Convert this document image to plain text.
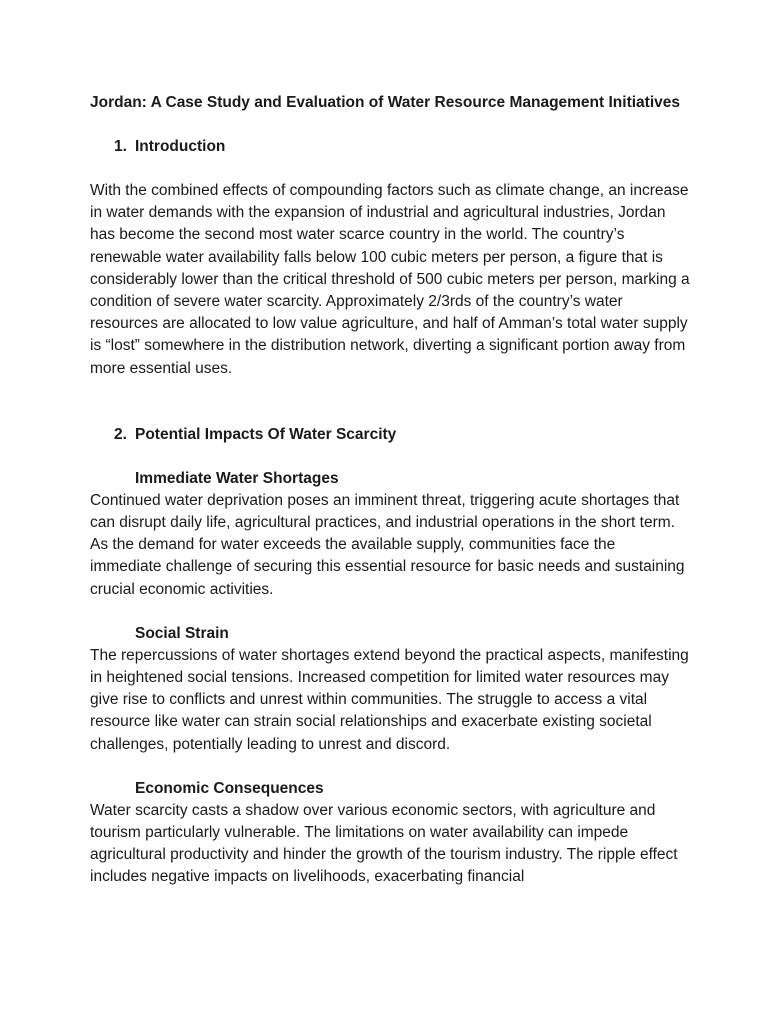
Jordan: A Case Study and Evaluation of Water Resource Management Initiatives
1. Introduction

With the combined effects of compounding factors such as climate change, an increase in water demands with the expansion of industrial and agricultural industries, Jordan has become the second most water scarce country in the world. The country’s renewable water availability falls below 100 cubic meters per person, a figure that is considerably lower than the critical threshold of 500 cubic meters per person, marking a condition of severe water scarcity. Approximately 2/3rds of the country’s water resources are allocated to low value agriculture, and half of Amman’s total water supply is “lost” somewhere in the distribution network, diverting a significant portion away from more essential uses.

2. Potential Impacts Of Water Scarcity
Immediate Water Shortages

Continued water deprivation poses an imminent threat, triggering acute shortages that can disrupt daily life, agricultural practices, and industrial operations in the short term. As the demand for water exceeds the available supply, communities face the immediate challenge of securing this essential resource for basic needs and sustaining crucial economic activities.

Social Strain

The repercussions of water shortages extend beyond the practical aspects, manifesting in heightened social tensions. Increased competition for limited water resources may give rise to conflicts and unrest within communities. The struggle to access a vital resource like water can strain social relationships and exacerbate existing societal challenges, potentially leading to unrest and discord.

Economic Consequences

Water scarcity casts a shadow over various economic sectors, with agriculture and tourism particularly vulnerable. The limitations on water availability can impede agricultural productivity and hinder the growth of the tourism industry. The ripple effect includes negative impacts on livelihoods, exacerbating financial
